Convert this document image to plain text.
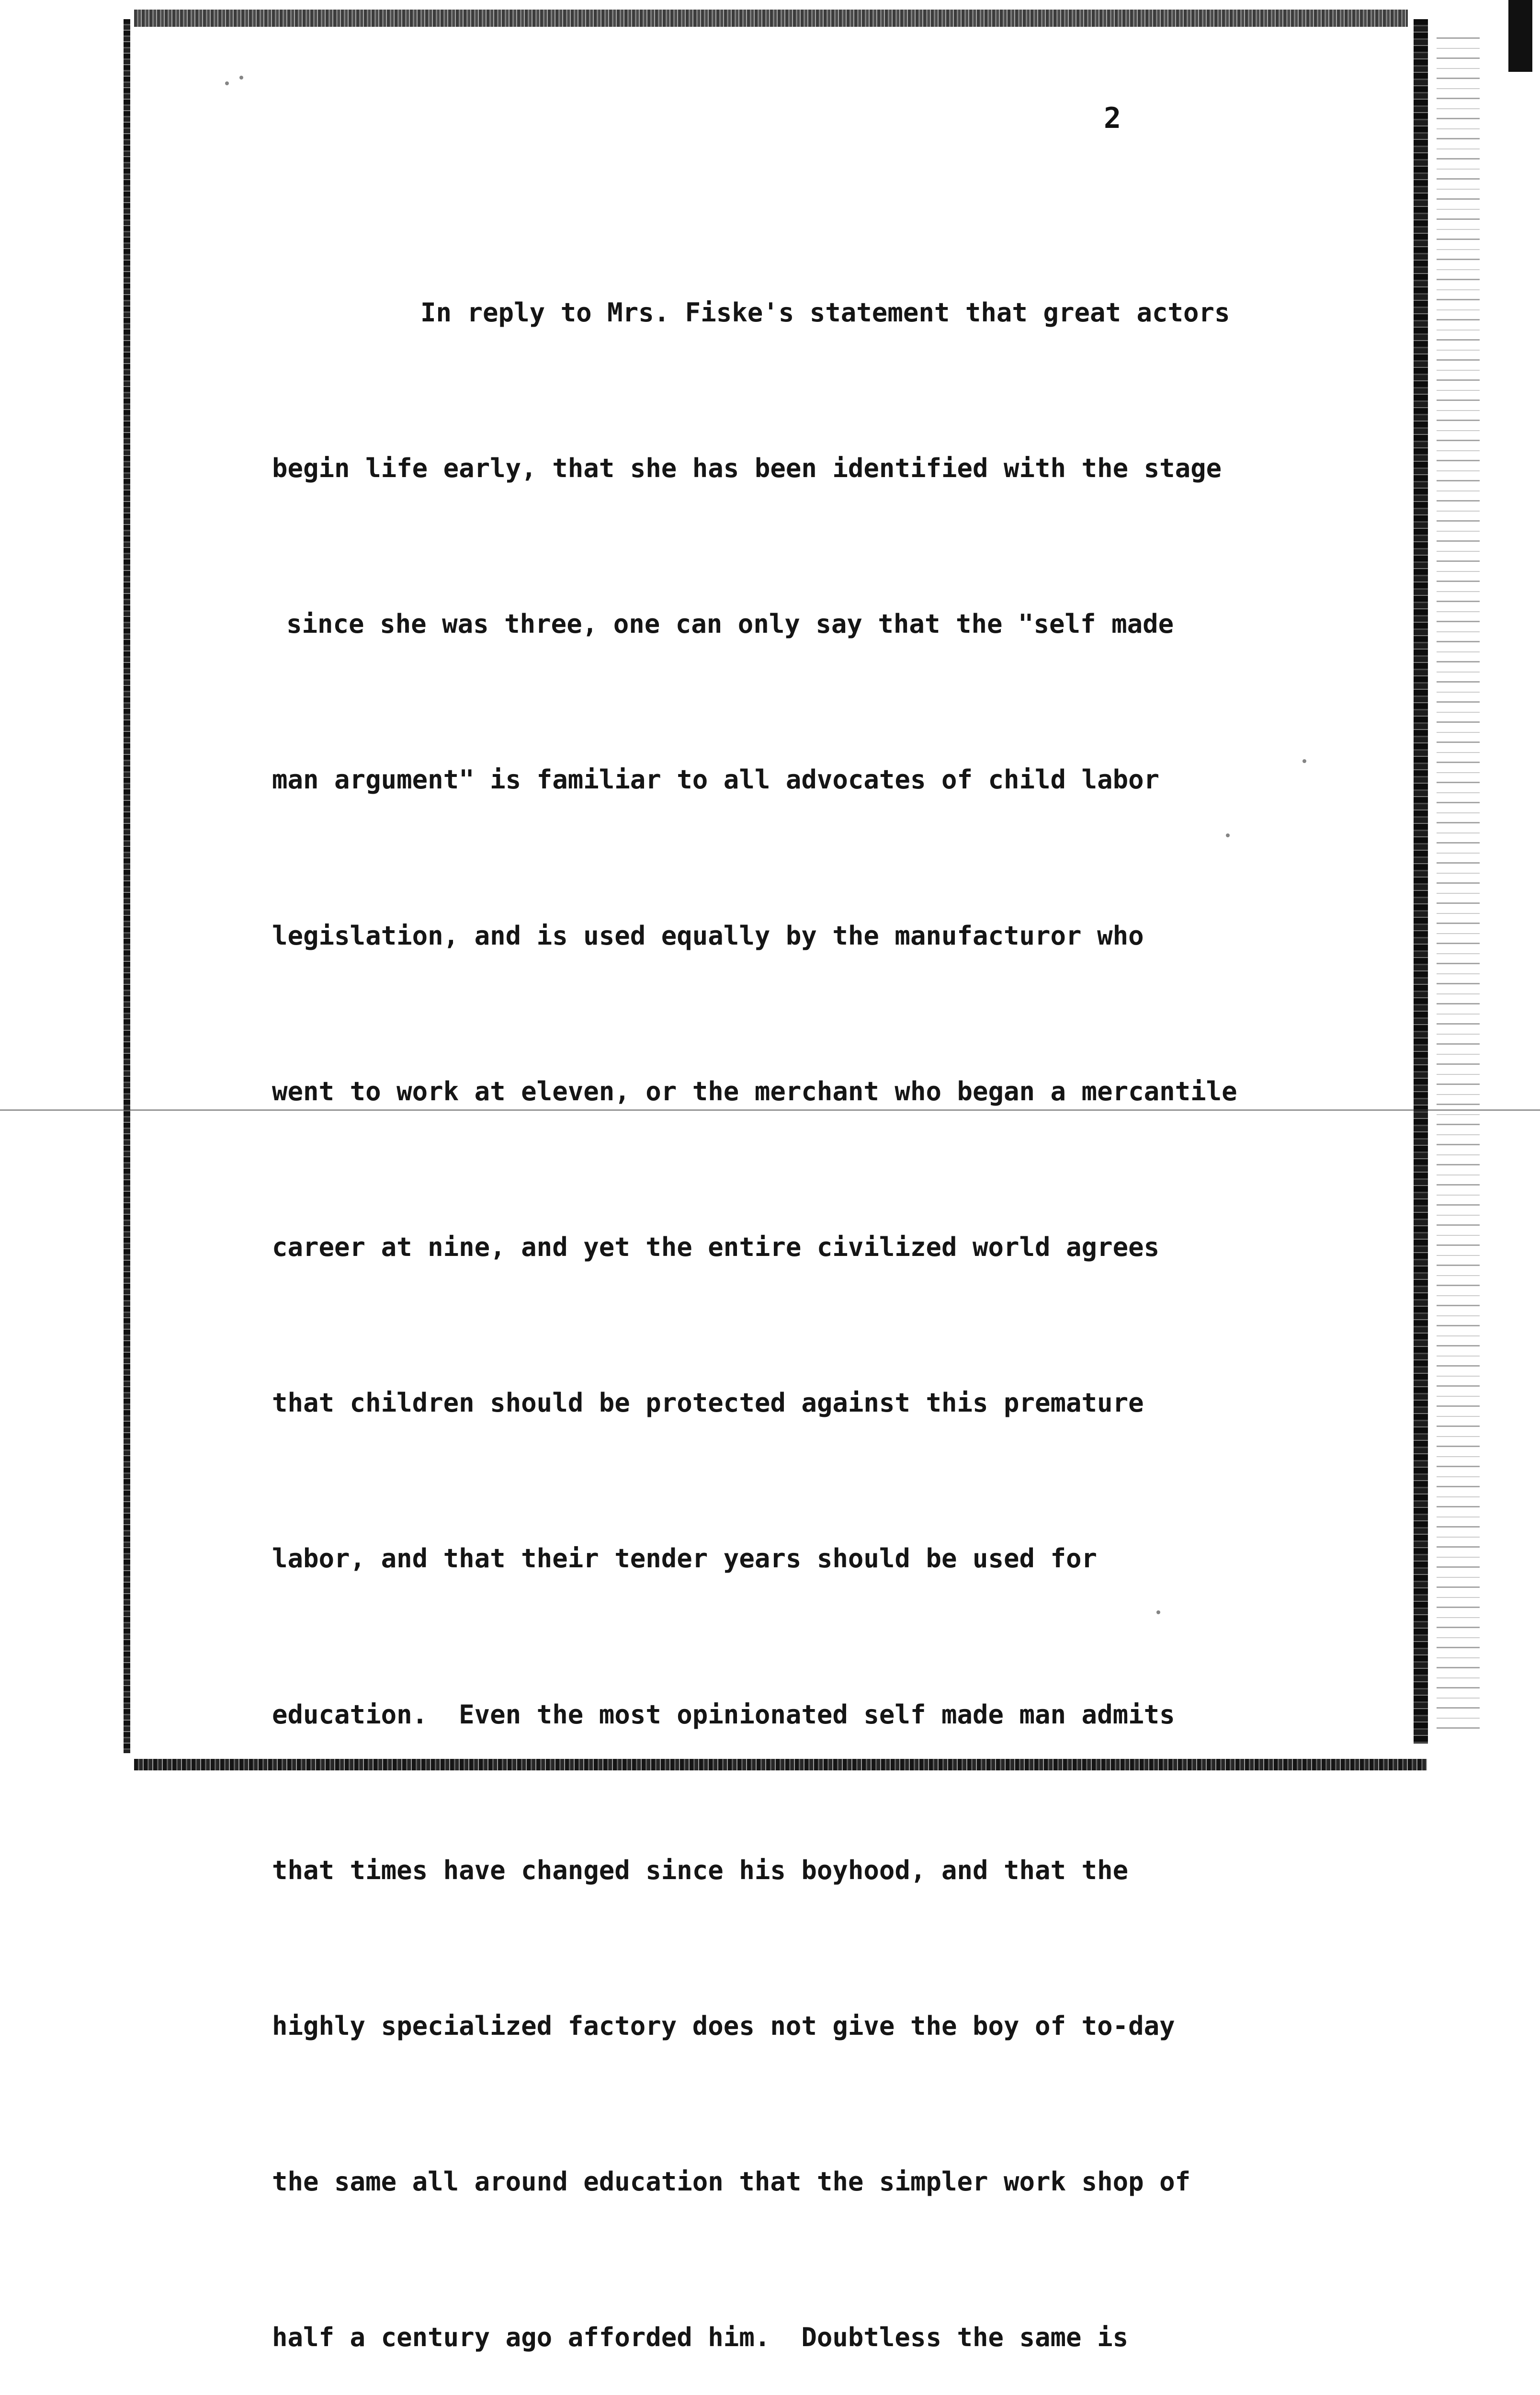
2

In reply to Mrs. Fiske's statement that great actors

begin life early, that she has been identified with the stage

since she was three, one can only say that the "self made

man argument" is familiar to all advocates of child labor

legislation, and is used equally by the manufacturor who

went to work at eleven, or the merchant who began a mercantile

career at nine, and yet the entire civilized world agrees

that children should be protected against this premature

labor, and that their tender years should be used for

education.  Even the most opinionated self made man admits

that times have changed since his boyhood, and that the

highly specialized factory does not give the boy of to-day

the same all around education that the simpler work shop of

half a century ago afforded him.  Doubtless the same is
